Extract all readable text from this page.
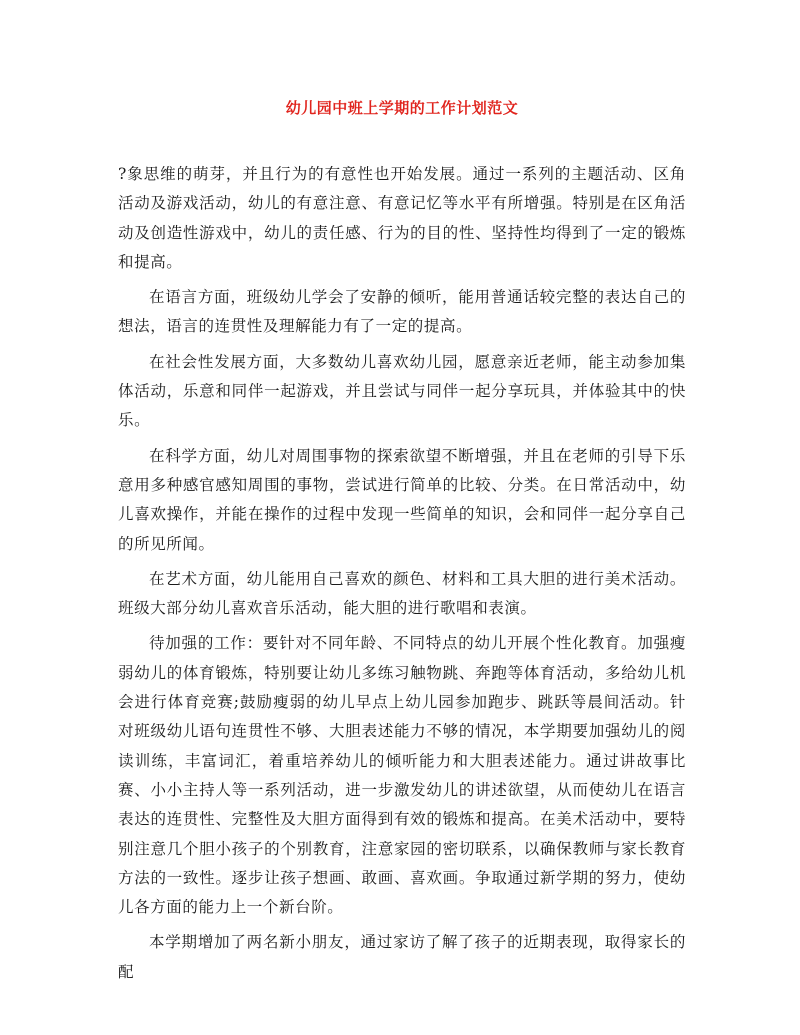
幼儿园中班上学期的工作计划范文

?象思维的萌芽，并且行为的有意性也开始发展。通过一系列的主题活动、区角活动及游戏活动，幼儿的有意注意、有意记忆等水平有所增强。特别是在区角活动及创造性游戏中，幼儿的责任感、行为的目的性、坚持性均得到了一定的锻炼和提高。

在语言方面，班级幼儿学会了安静的倾听，能用普通话较完整的表达自己的想法，语言的连贯性及理解能力有了一定的提高。

在社会性发展方面，大多数幼儿喜欢幼儿园，愿意亲近老师，能主动参加集体活动，乐意和同伴一起游戏，并且尝试与同伴一起分享玩具，并体验其中的快乐。

在科学方面，幼儿对周围事物的探索欲望不断增强，并且在老师的引导下乐意用多种感官感知周围的事物，尝试进行简单的比较、分类。在日常活动中，幼儿喜欢操作，并能在操作的过程中发现一些简单的知识，会和同伴一起分享自己的所见所闻。

在艺术方面，幼儿能用自己喜欢的颜色、材料和工具大胆的进行美术活动。班级大部分幼儿喜欢音乐活动，能大胆的进行歌唱和表演。

待加强的工作：要针对不同年龄、不同特点的幼儿开展个性化教育。加强瘦弱幼儿的体育锻炼，特别要让幼儿多练习触物跳、奔跑等体育活动，多给幼儿机会进行体育竞赛;鼓励瘦弱的幼儿早点上幼儿园参加跑步、跳跃等晨间活动。针对班级幼儿语句连贯性不够、大胆表述能力不够的情况，本学期要加强幼儿的阅读训练，丰富词汇，着重培养幼儿的倾听能力和大胆表述能力。通过讲故事比赛、小小主持人等一系列活动，进一步激发幼儿的讲述欲望，从而使幼儿在语言表达的连贯性、完整性及大胆方面得到有效的锻炼和提高。在美术活动中，要特别注意几个胆小孩子的个别教育，注意家园的密切联系，以确保教师与家长教育方法的一致性。逐步让孩子想画、敢画、喜欢画。争取通过新学期的努力，使幼儿各方面的能力上一个新台阶。

本学期增加了两名新小朋友，通过家访了解了孩子的近期表现，取得家长的配
